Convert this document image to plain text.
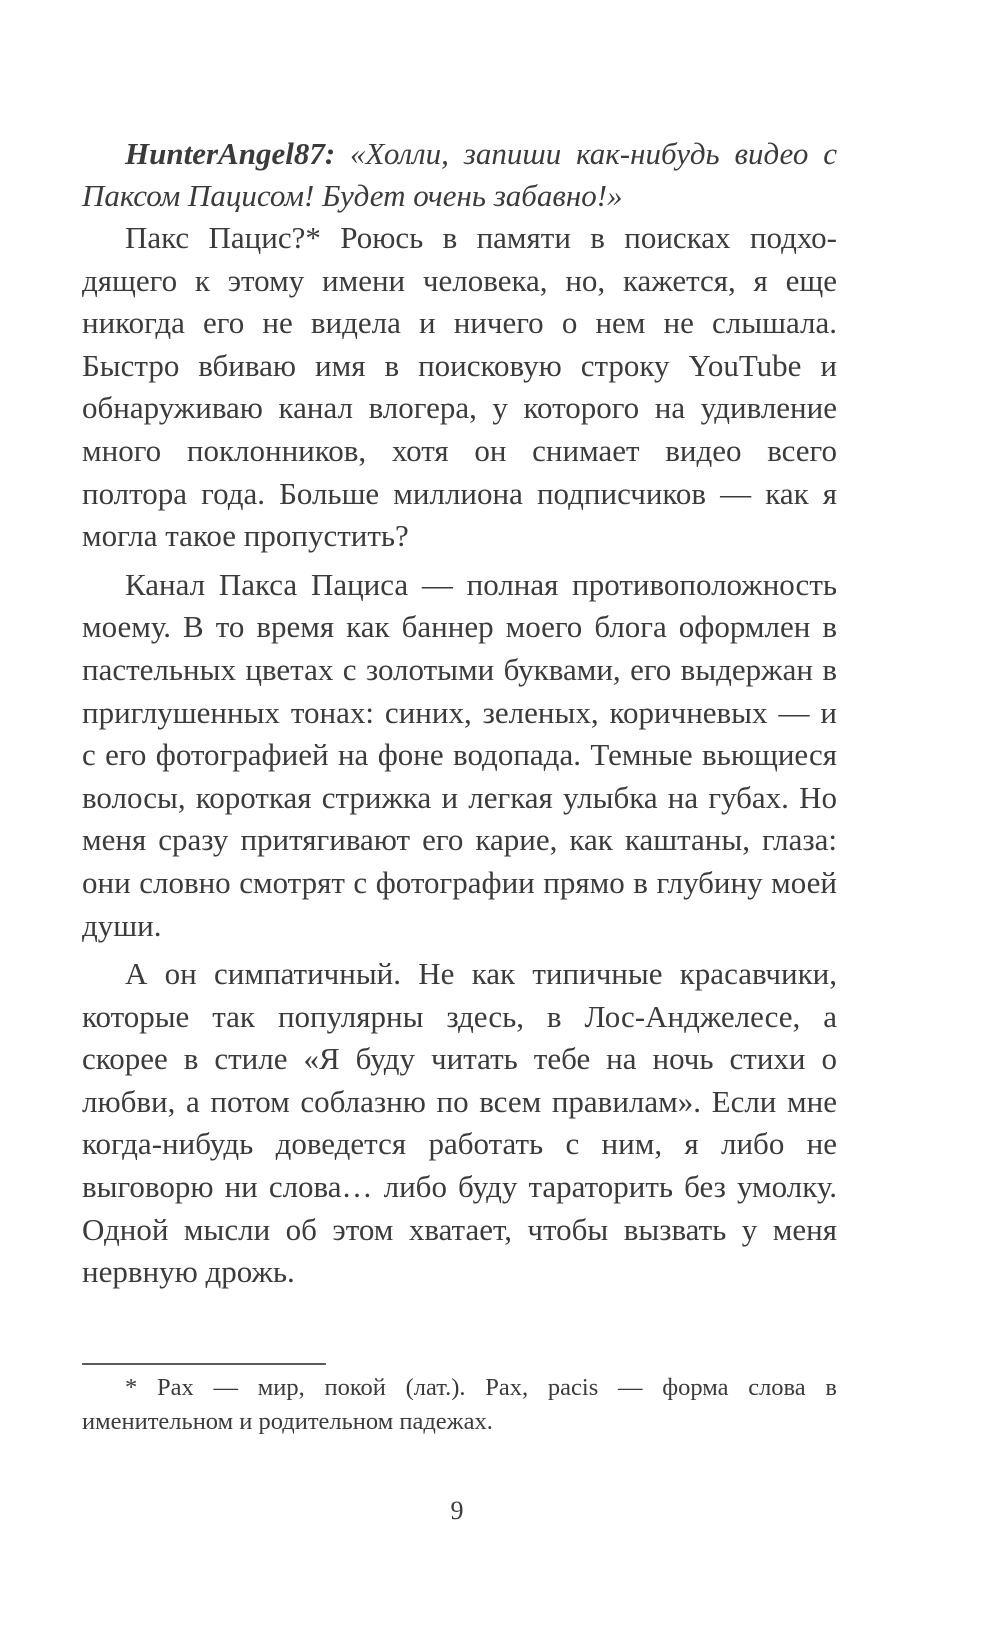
HunterAngel87: «Холли, запиши как-нибудь видео с Паксом Пацисом! Будет очень забавно!»

Пакс Пацис?* Роюсь в памяти в поисках подходящего к этому имени человека, но, кажется, я еще никогда его не видела и ничего о нем не слышала. Быстро вбиваю имя в поисковую строку YouTube и обнаруживаю канал влогера, у которого на удивление много поклонников, хотя он снимает видео всего полтора года. Больше миллиона подписчиков — как я могла такое пропустить?

Канал Пакса Пациса — полная противоположность моему. В то время как баннер моего блога оформлен в пастельных цветах с золотыми буквами, его выдержан в приглушенных тонах: синих, зеленых, коричневых — и с его фотографией на фоне водопада. Темные вьющиеся волосы, короткая стрижка и легкая улыбка на губах. Но меня сразу притягивают его карие, как каштаны, глаза: они словно смотрят с фотографии прямо в глубину моей души.

А он симпатичный. Не как типичные красавчики, которые так популярны здесь, в Лос-Анджелесе, а скорее в стиле «Я буду читать тебе на ночь стихи о любви, а потом соблазню по всем правилам». Если мне когда-нибудь доведется работать с ним, я либо не выговорю ни слова… либо буду тараторить без умолку. Одной мысли об этом хватает, чтобы вызвать у меня нервную дрожь.

* Pax — мир, покой (лат.). Pax, pacis — форма слова в именительном и родительном падежах.

9
